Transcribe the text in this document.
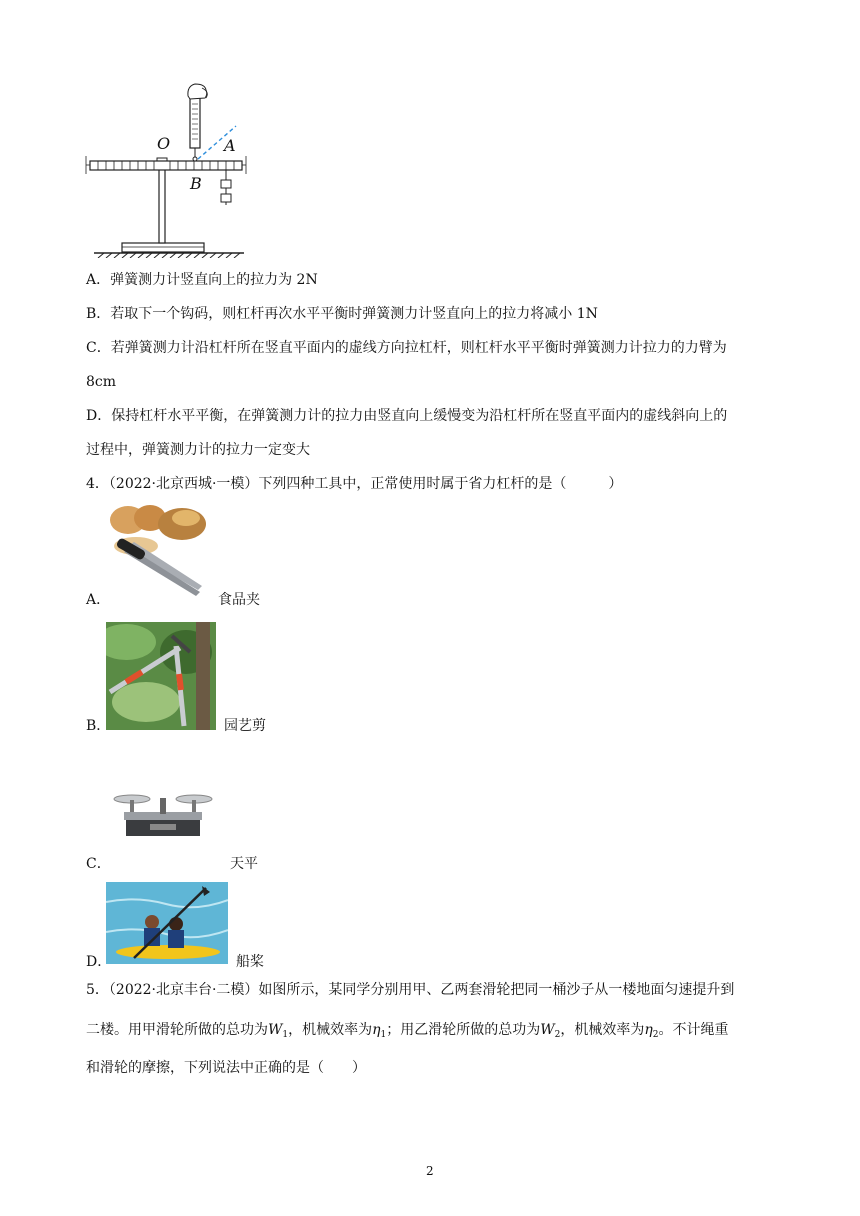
O	A
B
A．弹簧测力计竖直向上的拉力为 2N
B．若取下一个钩码，则杠杆再次水平平衡时弹簧测力计竖直向上的拉力将减小 1N
C．若弹簧测力计沿杠杆所在竖直平面内的虚线方向拉杠杆，则杠杆水平平衡时弹簧测力计拉力的力臂为
8cm
D．保持杠杆水平平衡，在弹簧测力计的拉力由竖直向上缓慢变为沿杠杆所在竖直平面内的虚线斜向上的
过程中，弹簧测力计的拉力一定变大
4．（2022·北京西城·一模）下列四种工具中，正常使用时属于省力杠杆的是（　　　）
A．	食品夹
B．	园艺剪
C．	天平
D．	船桨
5．（2022·北京丰台·二模）如图所示，某同学分别用甲、乙两套滑轮把同一桶沙子从一楼地面匀速提升到
二楼。用甲滑轮所做的总功为$W_1$，机械效率为$\eta_1$；用乙滑轮所做的总功为$W_2$，机械效率为$\eta_2$。不计绳重
和滑轮的摩擦，下列说法中正确的是（　　）
2
